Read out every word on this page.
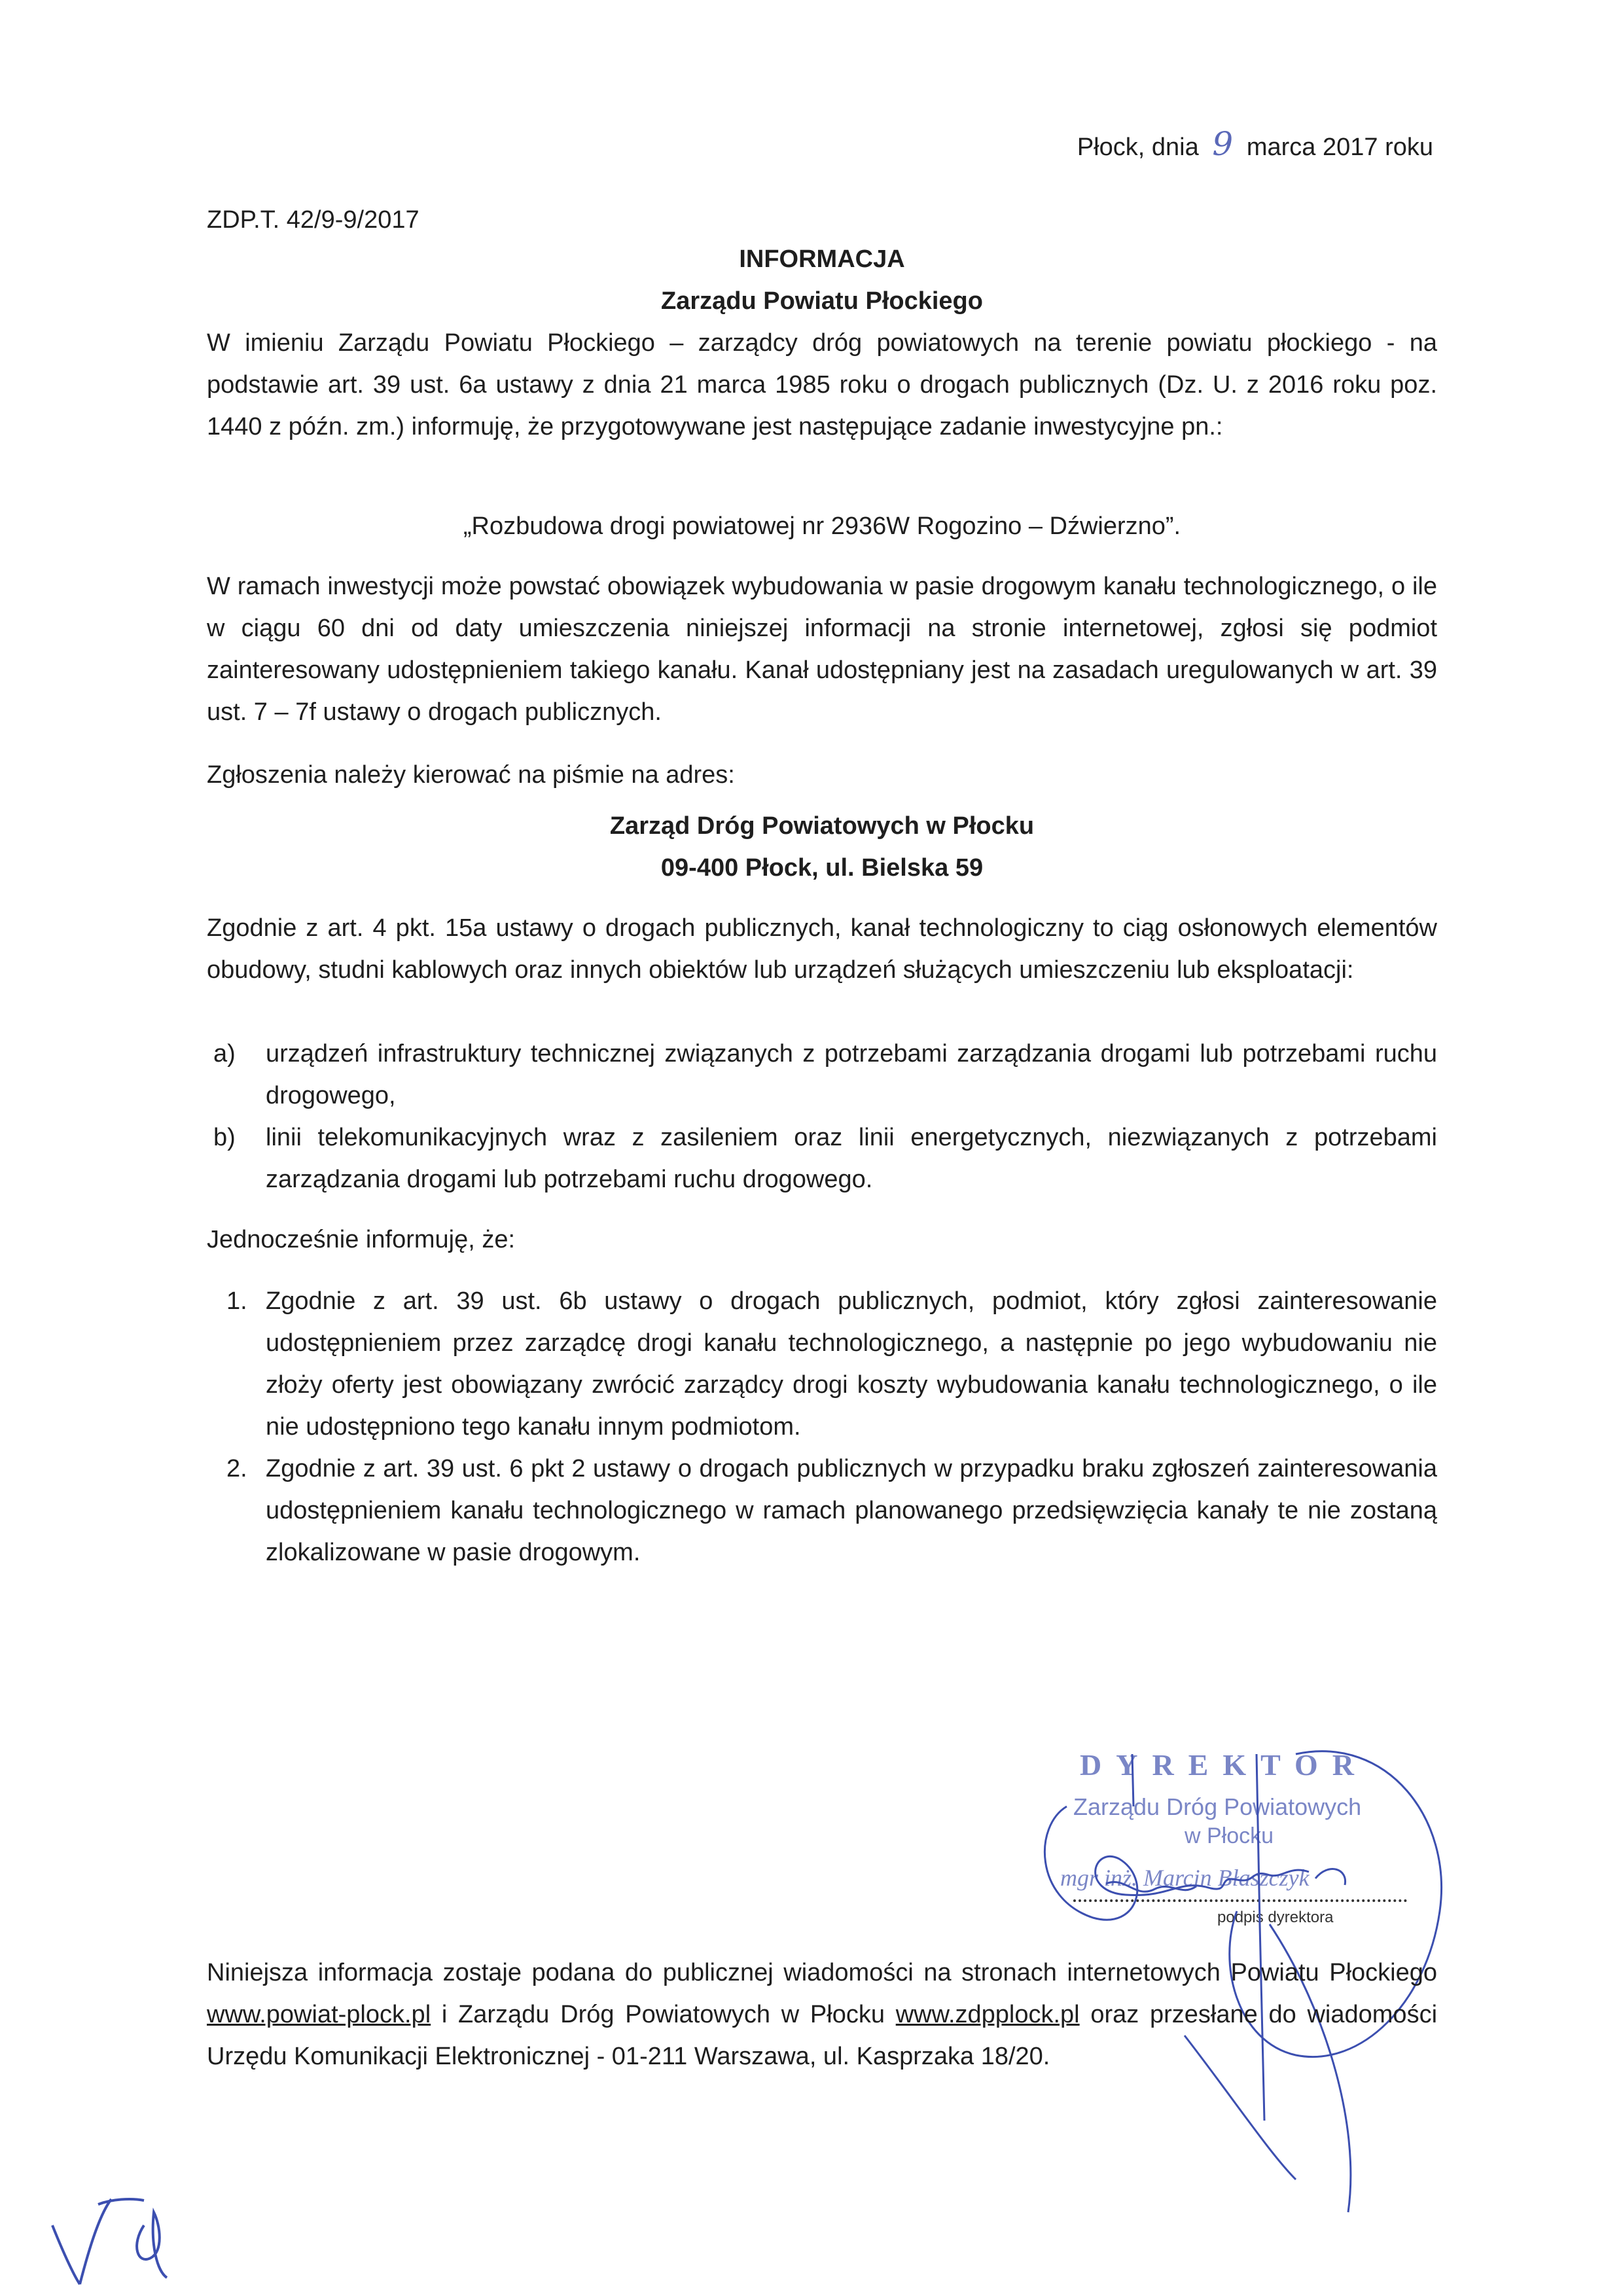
Płock, dnia 9 marca 2017 roku
ZDP.T. 42/9-9/2017
INFORMACJA
Zarządu Powiatu Płockiego
W imieniu Zarządu Powiatu Płockiego – zarządcy dróg powiatowych na terenie powiatu płockiego - na podstawie art. 39 ust. 6a ustawy z dnia 21 marca 1985 roku o drogach publicznych (Dz. U. z 2016 roku poz. 1440 z późn. zm.) informuję, że przygotowywane jest następujące zadanie inwestycyjne pn.:
„Rozbudowa drogi powiatowej nr 2936W Rogozino – Dźwierzno”.
W ramach inwestycji może powstać obowiązek wybudowania w pasie drogowym kanału technologicznego, o ile w ciągu 60 dni od daty umieszczenia niniejszej informacji na stronie internetowej, zgłosi się podmiot zainteresowany udostępnieniem takiego kanału. Kanał udostępniany jest na zasadach uregulowanych w art. 39 ust. 7 – 7f ustawy o drogach publicznych.
Zgłoszenia należy kierować na piśmie na adres:
Zarząd Dróg Powiatowych w Płocku
09-400 Płock, ul. Bielska 59
Zgodnie z art. 4 pkt. 15a ustawy o drogach publicznych, kanał technologiczny to ciąg osłonowych elementów obudowy, studni kablowych oraz innych obiektów lub urządzeń służących umieszczeniu lub eksploatacji:
a) urządzeń infrastruktury technicznej związanych z potrzebami zarządzania drogami lub potrzebami ruchu drogowego,
b) linii telekomunikacyjnych wraz z zasileniem oraz linii energetycznych, niezwiązanych z potrzebami zarządzania drogami lub potrzebami ruchu drogowego.
Jednocześnie informuję, że:
1. Zgodnie z art. 39 ust. 6b ustawy o drogach publicznych, podmiot, który zgłosi zainteresowanie udostępnieniem przez zarządcę drogi kanału technologicznego, a następnie po jego wybudowaniu nie złoży oferty jest obowiązany zwrócić zarządcy drogi koszty wybudowania kanału technologicznego, o ile nie udostępniono tego kanału innym podmiotom.
2. Zgodnie z art. 39 ust. 6 pkt 2 ustawy o drogach publicznych w przypadku braku zgłoszeń zainteresowania udostępnieniem kanału technologicznego w ramach planowanego przedsięwzięcia kanały te nie zostaną zlokalizowane w pasie drogowym.
DYREKTOR
Zarządu Dróg Powiatowych
w Płocku
mgr inż. Marcin Błaszczyk
podpis dyrektora
Niniejsza informacja zostaje podana do publicznej wiadomości na stronach internetowych Powiatu Płockiego www.powiat-plock.pl i Zarządu Dróg Powiatowych w Płocku www.zdpplock.pl oraz przesłane do wiadomości Urzędu Komunikacji Elektronicznej - 01-211 Warszawa, ul. Kasprzaka 18/20.
